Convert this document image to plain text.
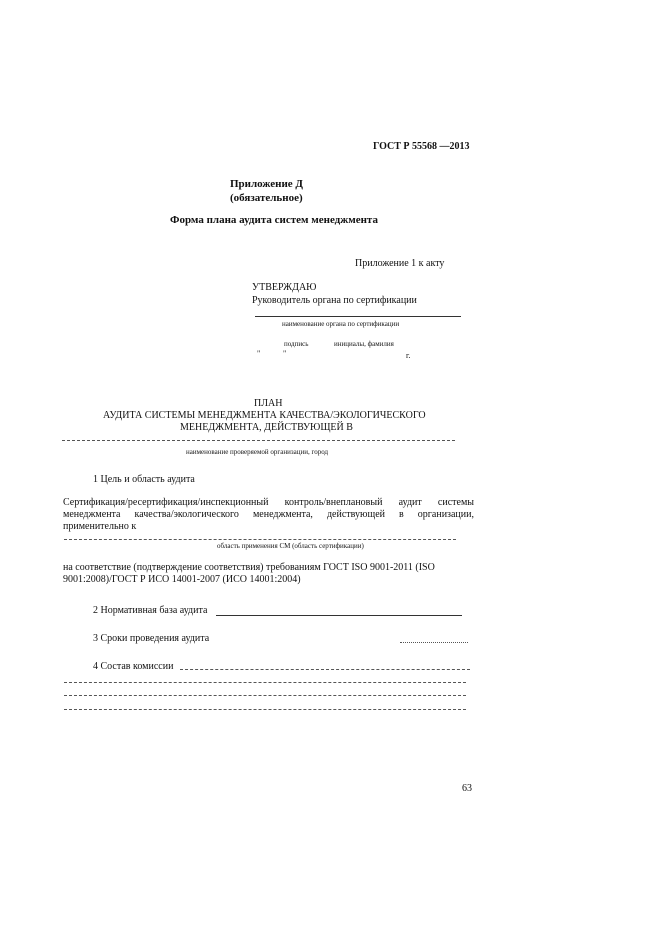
ГОСТ Р 55568 —2013
Приложение Д
(обязательное)
Форма плана аудита систем менеджмента
Приложение 1 к акту
УТВЕРЖДАЮ
Руководитель органа по сертификации
наименование органа по сертификации
подпись	инициалы, фамилия
"	"	г.
ПЛАН
АУДИТА СИСТЕМЫ МЕНЕДЖМЕНТА КАЧЕСТВА/ЭКОЛОГИЧЕСКОГО
МЕНЕДЖМЕНТА, ДЕЙСТВУЮЩЕЙ В
наименование проверяемой организации, город
1 Цель и область аудита
Сертификация/ресертификация/инспекционный контроль/внеплановый аудит системы
менеджмента качества/экологического менеджмента, действующей в организации,
применительно к
область применения СМ (область сертификации)
на соответствие (подтверждение соответствия) требованиям ГОСТ ISO 9001-2011 (ISO
9001:2008)/ГОСТ Р ИСО 14001-2007 (ИСО 14001:2004)
2 Нормативная база аудита
3 Сроки проведения аудита
4 Состав комиссии
63
